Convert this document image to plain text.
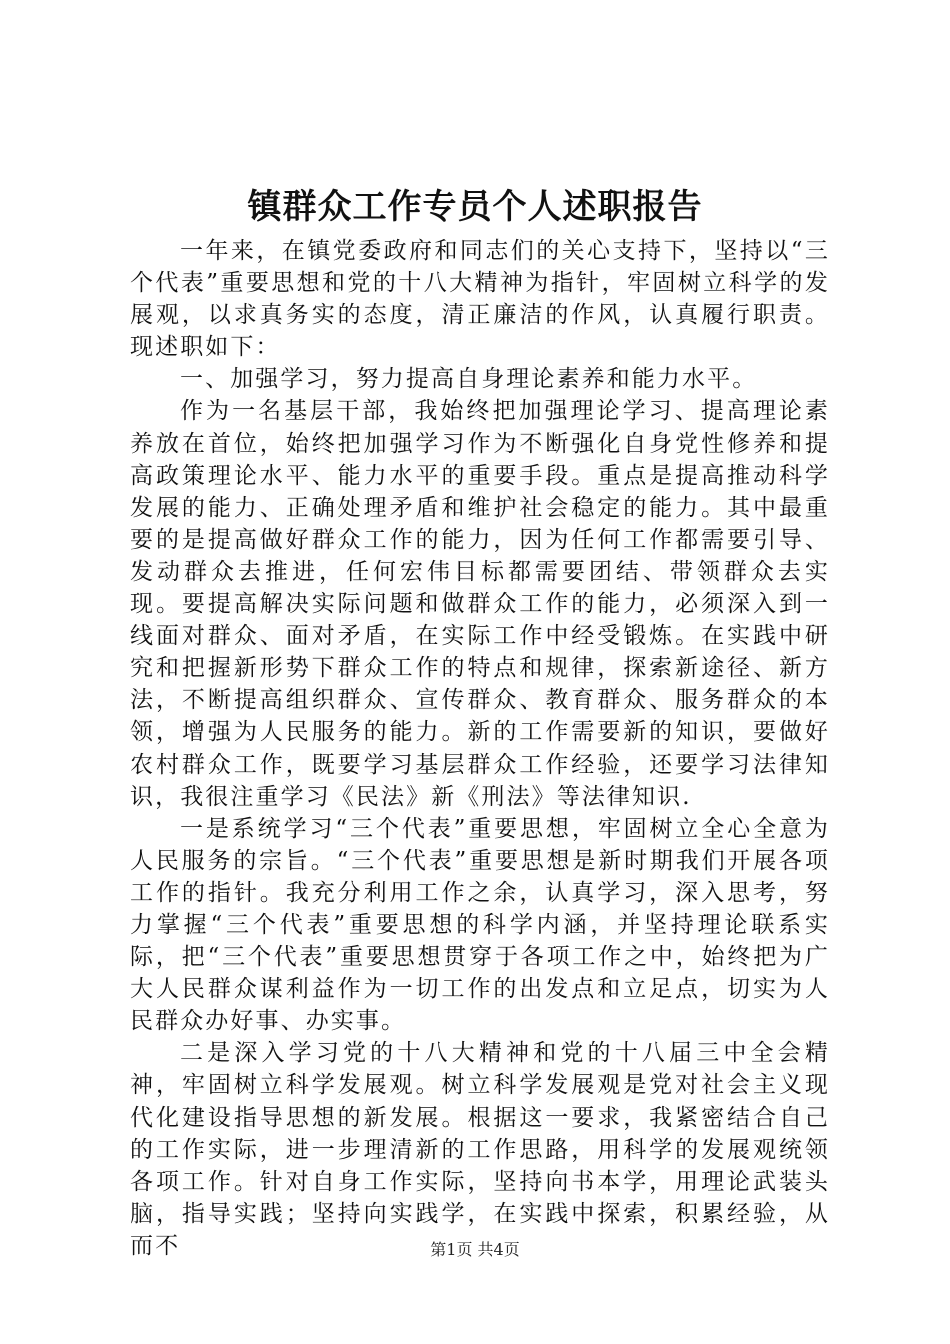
镇群众工作专员个人述职报告

一年来，在镇党委政府和同志们的关心支持下，坚持以“三个代表”重要思想和党的十八大精神为指针，牢固树立科学的发展观，以求真务实的态度，清正廉洁的作风，认真履行职责。现述职如下：

一、加强学习，努力提高自身理论素养和能力水平。

作为一名基层干部，我始终把加强理论学习、提高理论素养放在首位，始终把加强学习作为不断强化自身党性修养和提高政策理论水平、能力水平的重要手段。重点是提高推动科学发展的能力、正确处理矛盾和维护社会稳定的能力。其中最重要的是提高做好群众工作的能力，因为任何工作都需要引导、发动群众去推进，任何宏伟目标都需要团结、带领群众去实现。要提高解决实际问题和做群众工作的能力，必须深入到一线面对群众、面对矛盾，在实际工作中经受锻炼。在实践中研究和把握新形势下群众工作的特点和规律，探索新途径、新方法，不断提高组织群众、宣传群众、教育群众、服务群众的本领，增强为人民服务的能力。新的工作需要新的知识，要做好农村群众工作，既要学习基层群众工作经验，还要学习法律知识，我很注重学习《民法》新《刑法》等法律知识.

一是系统学习“三个代表”重要思想，牢固树立全心全意为人民服务的宗旨。“三个代表”重要思想是新时期我们开展各项工作的指针。我充分利用工作之余，认真学习，深入思考，努力掌握“三个代表”重要思想的科学内涵，并坚持理论联系实际，把“三个代表”重要思想贯穿于各项工作之中，始终把为广大人民群众谋利益作为一切工作的出发点和立足点，切实为人民群众办好事、办实事。

二是深入学习党的十八大精神和党的十八届三中全会精神，牢固树立科学发展观。树立科学发展观是党对社会主义现代化建设指导思想的新发展。根据这一要求，我紧密结合自己的工作实际，进一步理清新的工作思路，用科学的发展观统领各项工作。针对自身工作实际，坚持向书本学，用理论武装头脑，指导实践；坚持向实践学，在实践中探索，积累经验，从而不	第1页 共4页
